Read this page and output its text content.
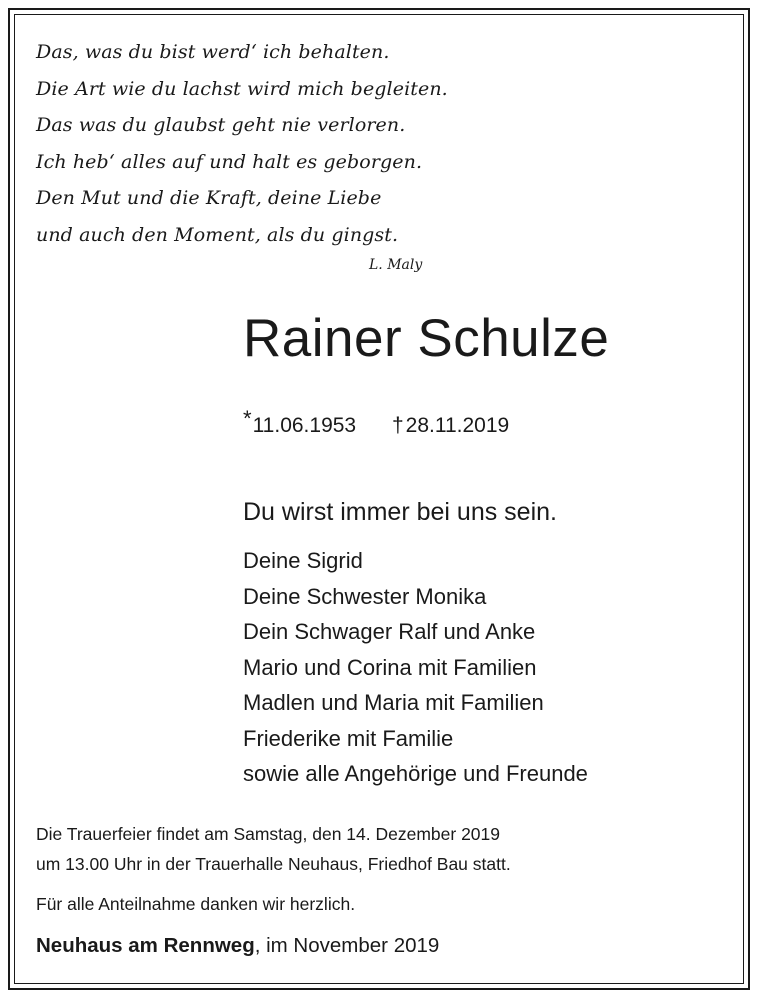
Das, was du bist werd‘ ich behalten.
Die Art wie du lachst wird mich begleiten.
Das was du glaubst geht nie verloren.
Ich heb‘ alles auf und halt es geborgen.
Den Mut und die Kraft, deine Liebe
und auch den Moment, als du gingst.
L. Maly
Rainer Schulze
*11.06.1953 †28.11.2019
Du wirst immer bei uns sein.
Deine Sigrid
Deine Schwester Monika
Dein Schwager Ralf und Anke
Mario und Corina mit Familien
Madlen und Maria mit Familien
Friederike mit Familie
sowie alle Angehörige und Freunde
Die Trauerfeier findet am Samstag, den 14. Dezember 2019
um 13.00 Uhr in der Trauerhalle Neuhaus, Friedhof Bau statt.
Für alle Anteilnahme danken wir herzlich.
Neuhaus am Rennweg, im November 2019
